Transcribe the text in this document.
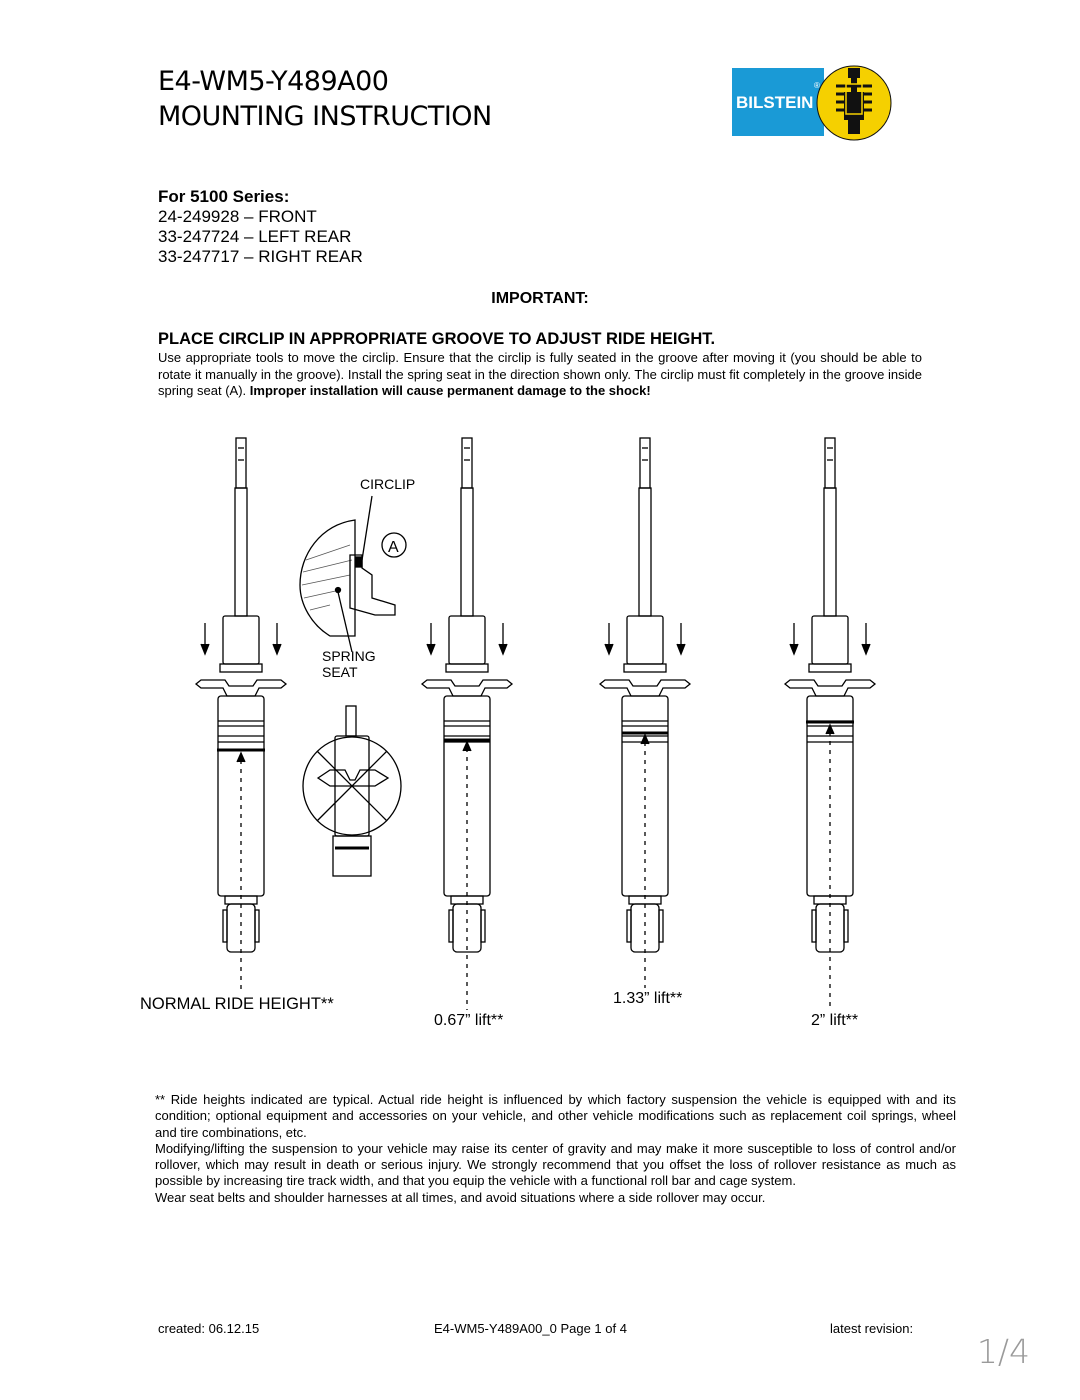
E4-WM5-Y489A00
MOUNTING INSTRUCTION	BILSTEIN
®
For 5100 Series:
24-249928 – FRONT
33-247724 – LEFT REAR
33-247717 – RIGHT REAR
IMPORTANT:
PLACE CIRCLIP IN APPROPRIATE GROOVE TO ADJUST RIDE HEIGHT.
Use appropriate tools to move the circlip. Ensure that the circlip is fully seated in the groove after moving it (you should be able to rotate it manually in the groove). Install the spring seat in the direction shown only. The circlip must fit completely in the groove inside spring seat (A). Improper installation will cause permanent damage to the shock!
CIRCLIP
A
SPRING
SEAT
NORMAL RIDE HEIGHT**
0.67” lift**
1.33” lift**
2” lift**

** Ride heights indicated are typical. Actual ride height is influenced by which factory suspension the vehicle is equipped with and its condition; optional equipment and accessories on your vehicle, and other vehicle modifications such as replacement coil springs, wheel and tire combinations, etc.

Modifying/lifting the suspension to your vehicle may raise its center of gravity and may make it more susceptible to loss of control and/or rollover, which may result in death or serious injury. We strongly recommend that you offset the loss of rollover resistance as much as possible by increasing tire track width, and that you equip the vehicle with a functional roll bar and cage system.

Wear seat belts and shoulder harnesses at all times, and avoid situations where a side rollover may occur.

created: 06.12.15	E4-WM5-Y489A00_0 Page 1 of 4	latest revision:
1/4
